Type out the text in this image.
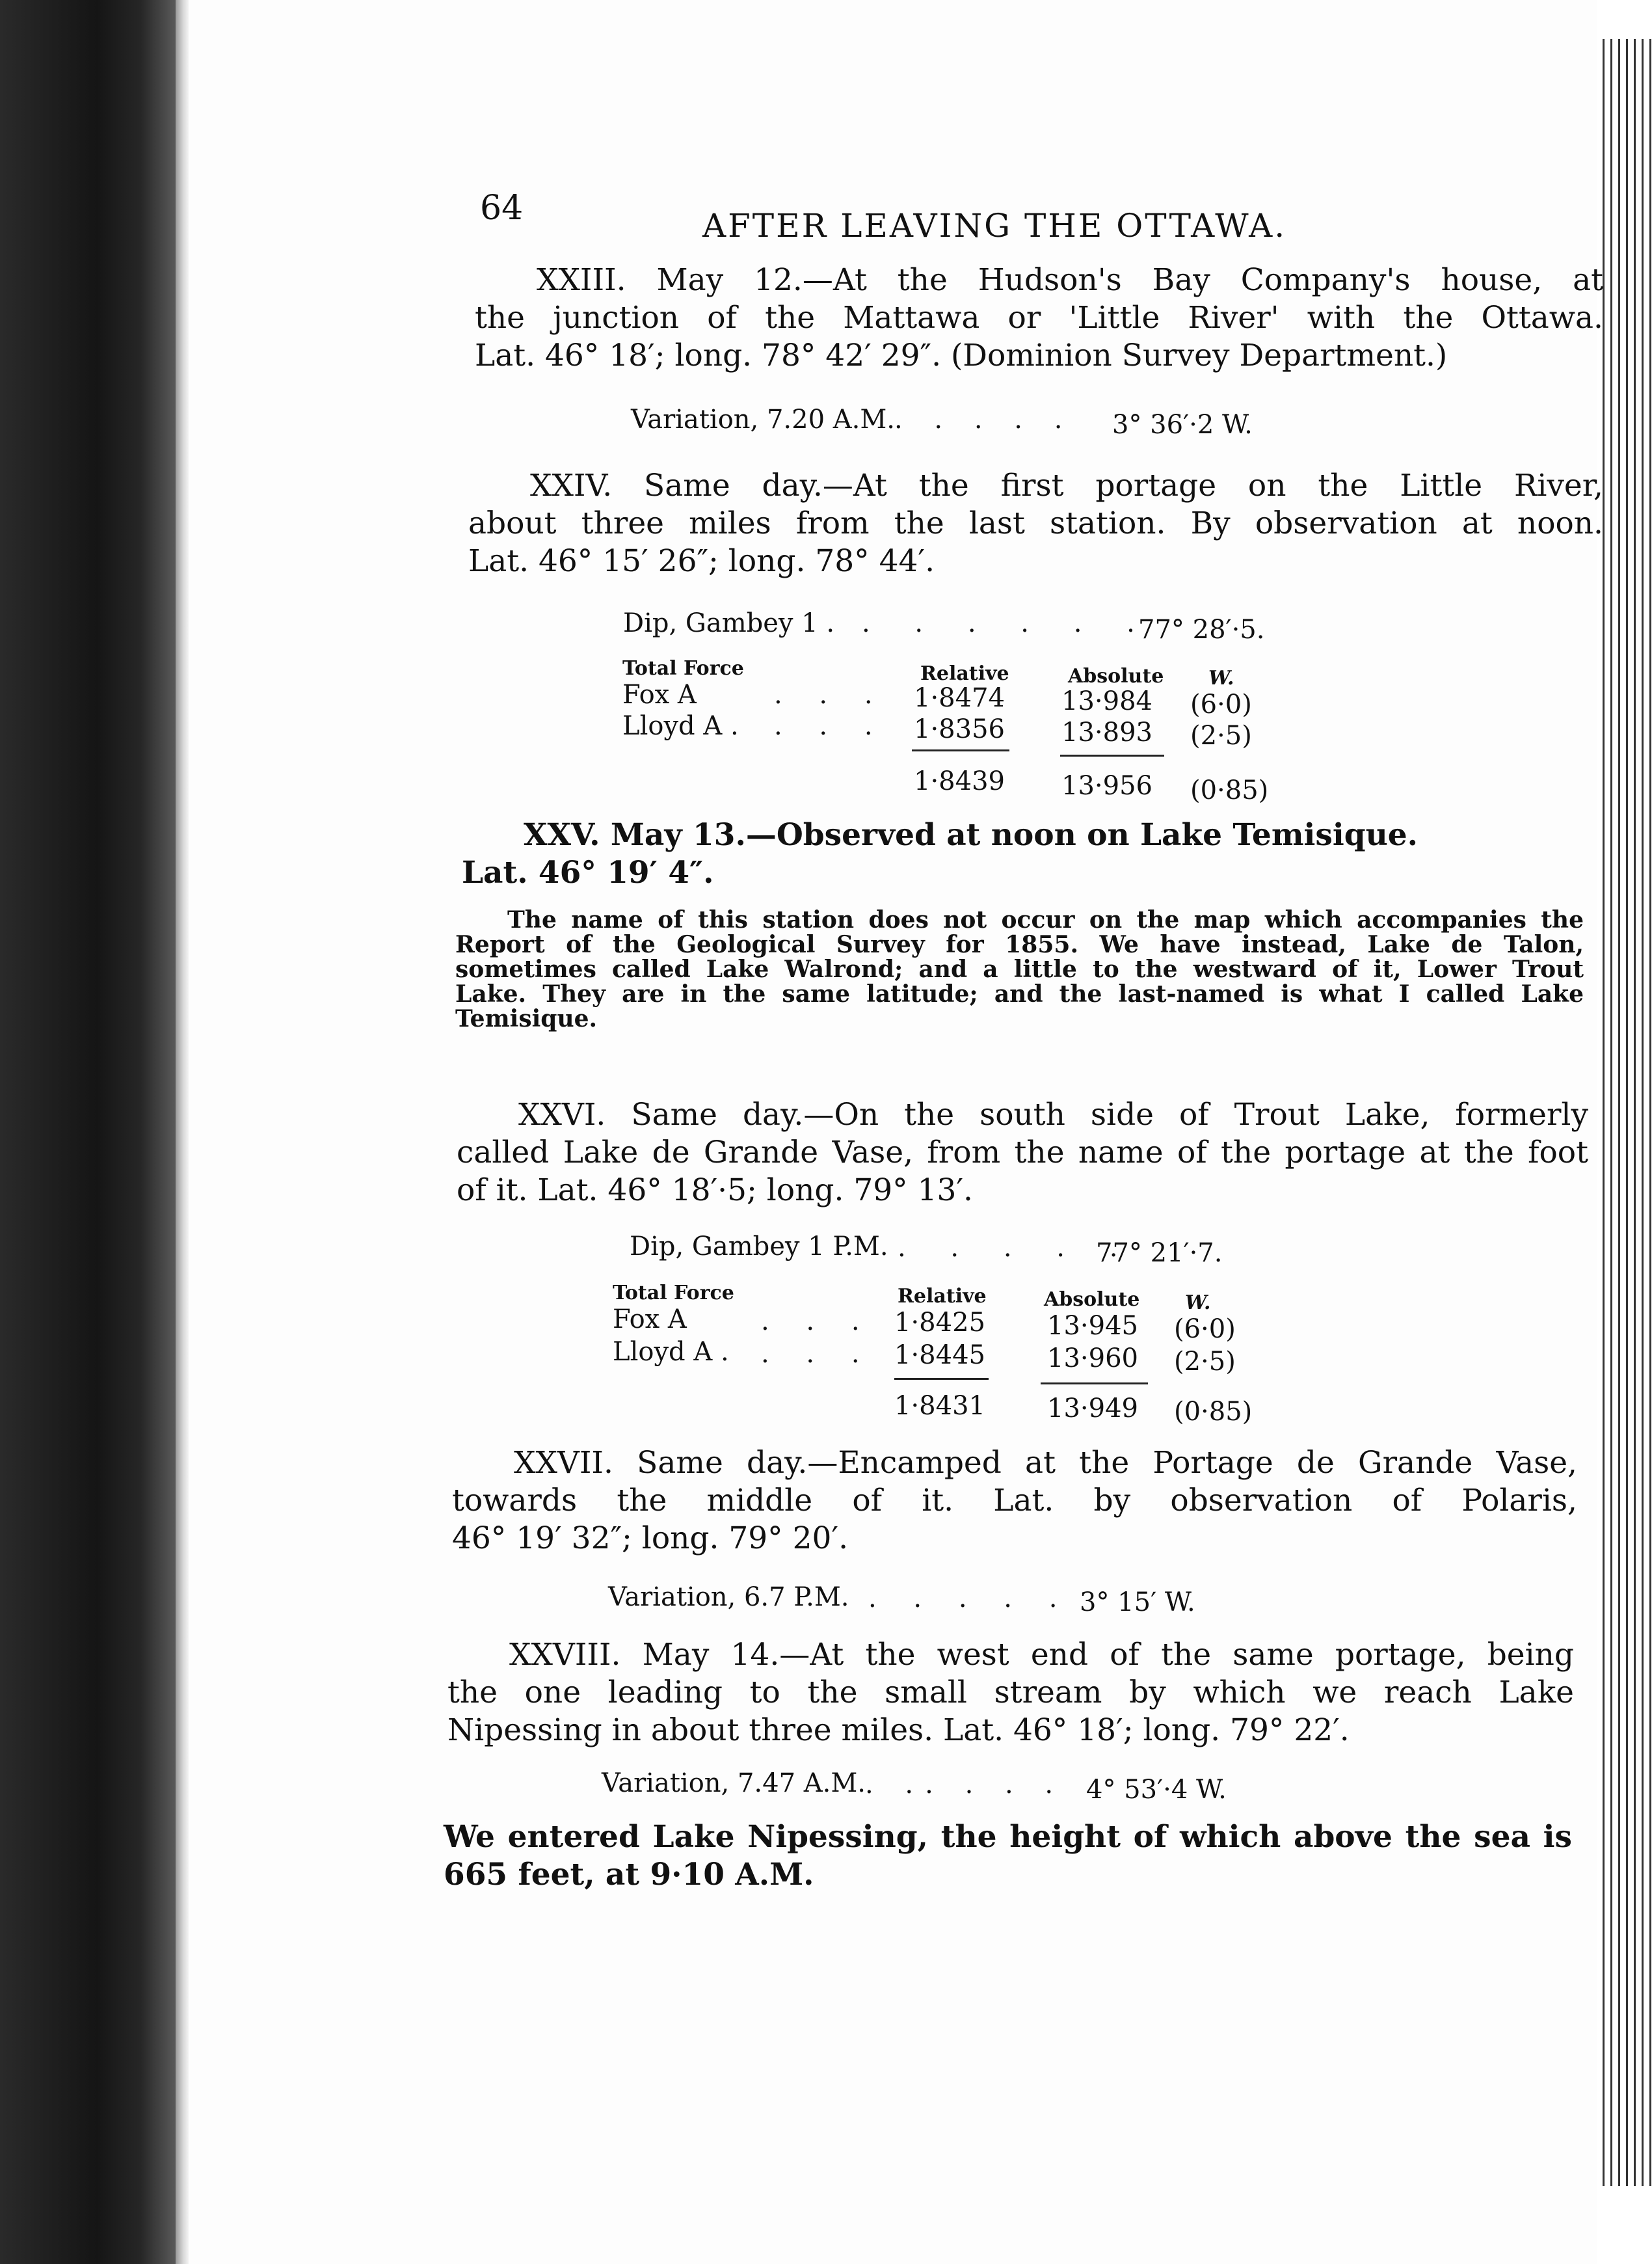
64	AFTER LEAVING THE OTTAWA.
XXIII. May 12.—At the Hudson's Bay Company's house, at
the junction of the Mattawa or 'Little River' with the Ottawa.
Lat. 46° 18′; long. 78° 42′ 29″. (Dominion Survey Department.)
Variation, 7.20 A.M.
. . . . . 3° 36′·2 W.
XXIV. Same day.—At the first portage on the Little River,
about three miles from the last station. By observation at noon.
Lat. 46° 15′ 26″; long. 78° 44′.
Dip, Gambey 1 . . . . . . .
77° 28′·5.
Total Force	Relative	Absolute W.
Fox A	. . . 1·8474 13·984 (6·0)
Lloyd A . . . . 1·8356 13·893 (2·5)
1·8439 13·956 (0·85)
XXV. May 13.—Observed at noon on Lake Temisique.
Lat. 46° 19′ 4″.
The name of this station does not occur on the map which accompanies the
Report of the Geological Survey for 1855. We have instead, Lake de Talon,
sometimes called Lake Walrond; and a little to the westward of it, Lower Trout
Lake. They are in the same latitude; and the last-named is what I called Lake
Temisique.
XXVI. Same day.—On the south side of Trout Lake, formerly
called Lake de Grande Vase, from the name of the portage at the foot
of it. Lat. 46° 18′·5; long. 79° 13′.
Dip, Gambey 1 P.M. . . . . .
77° 21′·7.
Total Force	Relative	Absolute W.
Fox A	. . . 1·8425 13·945 (6·0)
Lloyd A . . . . 1·8445 13·960 (2·5)
1·8431 13·949 (0·85)
XXVII. Same day.—Encamped at the Portage de Grande Vase,
towards the middle of it. Lat. by observation of Polaris,
46° 19′ 32″; long. 79° 20′.
Variation, 6.7 P.M. . . . . . 3° 15′ W.
XXVIII. May 14.—At the west end of the same portage, being
the one leading to the small stream by which we reach Lake
Nipessing in about three miles. Lat. 46° 18′; long. 79° 22′.
Variation, 7.47 A.M.
. .. . . . 4° 53′·4 W.
We entered Lake Nipessing, the height of which above the sea is
665 feet, at 9·10 A.M.
